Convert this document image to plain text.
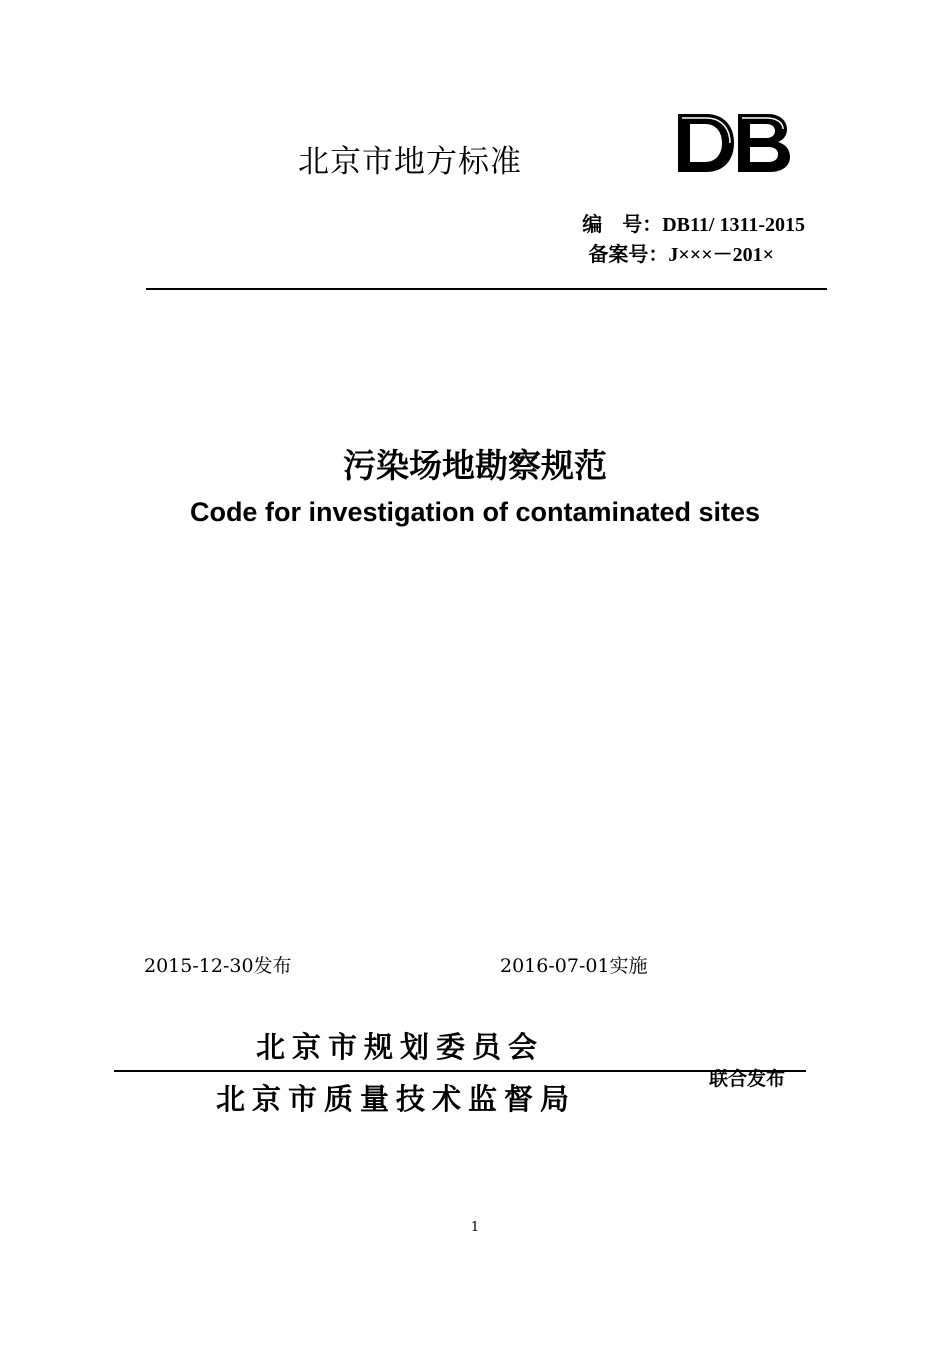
北京市地方标准
编　号：DB11/ 1311-2015
备案号：J×××－201×
污染场地勘察规范
Code for investigation of contaminated sites
2015-12-30发布	2016-07-01实施
北京市规划委员会
联合发布
北京市质量技术监督局
1
